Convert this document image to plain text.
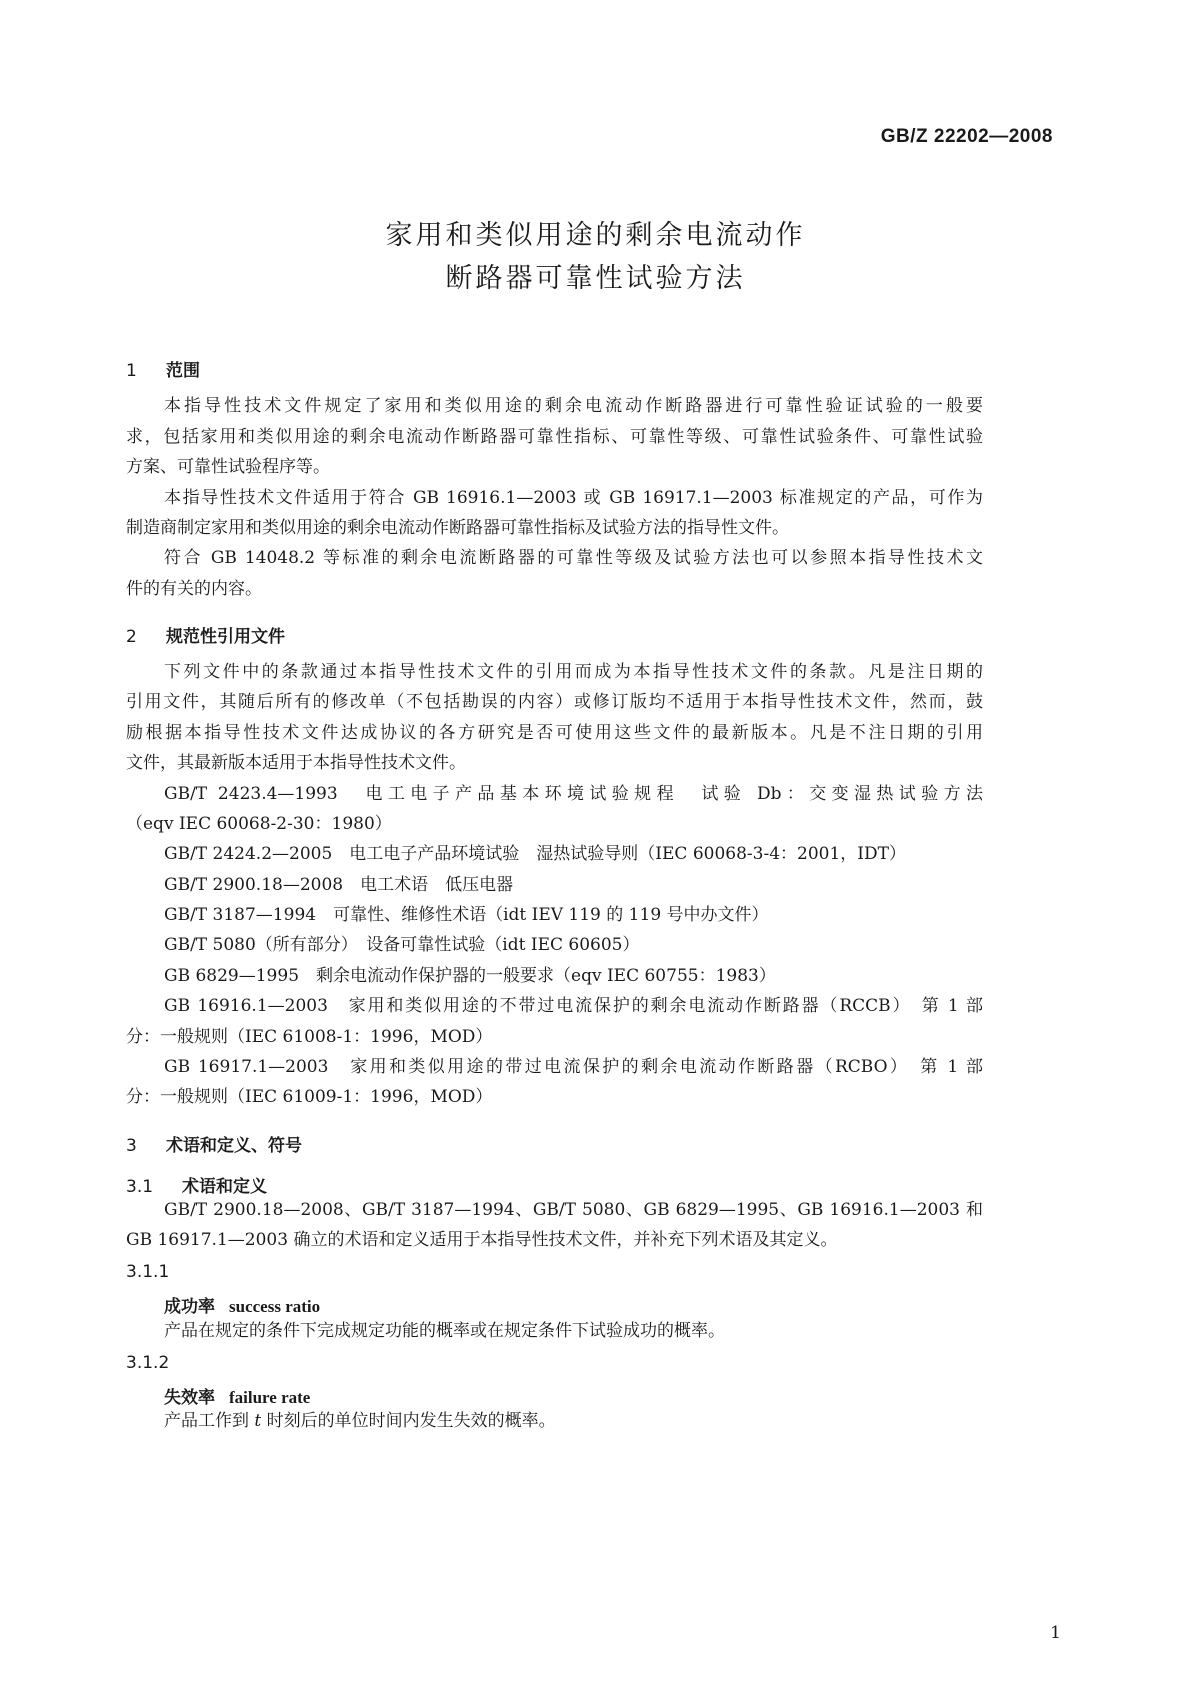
GB/Z 22202—2008
家用和类似用途的剩余电流动作
断路器可靠性试验方法
1 范围
本指导性技术文件规定了家用和类似用途的剩余电流动作断路器进行可靠性验证试验的一般要
求，包括家用和类似用途的剩余电流动作断路器可靠性指标、可靠性等级、可靠性试验条件、可靠性试验
方案、可靠性试验程序等。
本指导性技术文件适用于符合 GB 16916.1—2003 或 GB 16917.1—2003 标准规定的产品，可作为
制造商制定家用和类似用途的剩余电流动作断路器可靠性指标及试验方法的指导性文件。
符合 GB 14048.2 等标准的剩余电流断路器的可靠性等级及试验方法也可以参照本指导性技术文
件的有关的内容。
2 规范性引用文件
下列文件中的条款通过本指导性技术文件的引用而成为本指导性技术文件的条款。凡是注日期的
引用文件，其随后所有的修改单（不包括勘误的内容）或修订版均不适用于本指导性技术文件，然而，鼓
励根据本指导性技术文件达成协议的各方研究是否可使用这些文件的最新版本。凡是不注日期的引用
文件，其最新版本适用于本指导性技术文件。
GB/T 2423.4—1993　电工电子产品基本环境试验规程　试验 Db：交变湿热试验方法
（eqv IEC 60068-2-30：1980）
GB/T 2424.2—2005　电工电子产品环境试验　湿热试验导则（IEC 60068-3-4：2001，IDT）
GB/T 2900.18—2008　电工术语　低压电器
GB/T 3187—1994　可靠性、维修性术语（idt IEV 119 的 119 号中办文件）
GB/T 5080（所有部分）　设备可靠性试验（idt IEC 60605）
GB 6829—1995　剩余电流动作保护器的一般要求（eqv IEC 60755：1983）
GB 16916.1—2003　家用和类似用途的不带过电流保护的剩余电流动作断路器（RCCB）　第 1 部
分：一般规则（IEC 61008-1：1996，MOD）
GB 16917.1—2003　家用和类似用途的带过电流保护的剩余电流动作断路器（RCBO）　第 1 部
分：一般规则（IEC 61009-1：1996，MOD）
3 术语和定义、符号
3.1 术语和定义
GB/T 2900.18—2008、GB/T 3187—1994、GB/T 5080、GB 6829—1995、GB 16916.1—2003 和
GB 16917.1—2003 确立的术语和定义适用于本指导性技术文件，并补充下列术语及其定义。
3.1.1
成功率 success ratio
产品在规定的条件下完成规定功能的概率或在规定条件下试验成功的概率。
3.1.2
失效率 failure rate
产品工作到 t 时刻后的单位时间内发生失效的概率。
1
